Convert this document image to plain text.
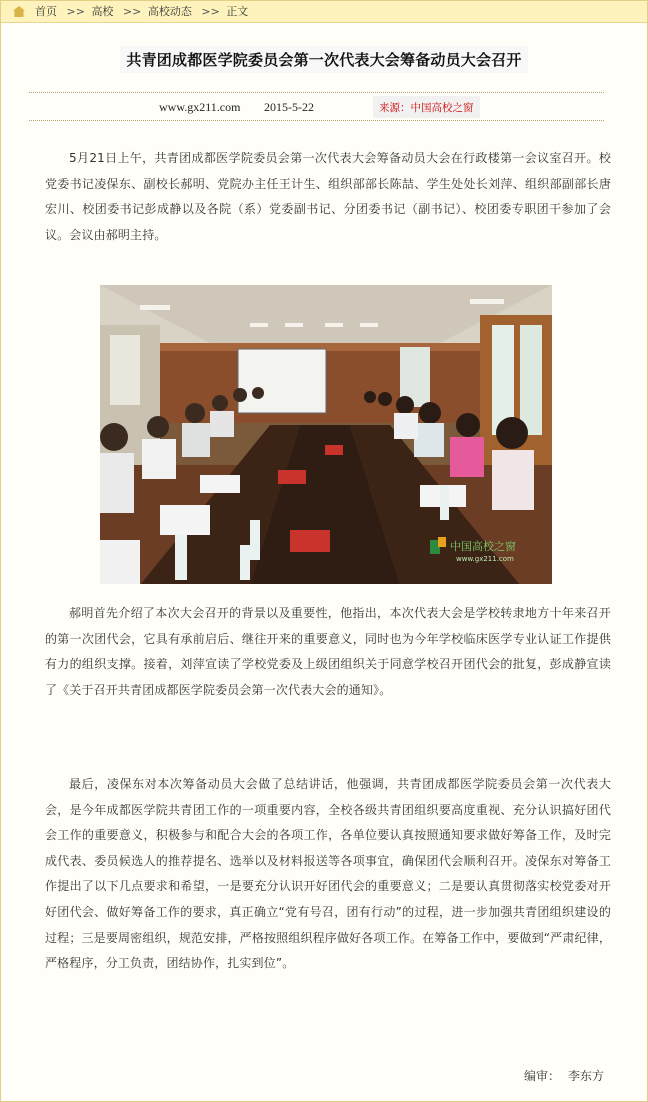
首页 >> 高校 >> 高校动态 >> 正文
共青团成都医学院委员会第一次代表大会筹备动员大会召开
www.gx211.com 2015-5-22	来源：中国高校之窗

5月21日上午，共青团成都医学院委员会第一次代表大会筹备动员大会在行政楼第一会议室召开。校党委书记凌保东、副校长郝明、党院办主任王计生、组织部部长陈喆、学生处处长刘萍、组织部副部长唐宏川、校团委书记彭成静以及各院（系）党委副书记、分团委书记（副书记）、校团委专职团干参加了会议。会议由郝明主持。

中国高校之窗
www.gx211.com

郝明首先介绍了本次大会召开的背景以及重要性，他指出，本次代表大会是学校转隶地方十年来召开的第一次团代会，它具有承前启后、继往开来的重要意义，同时也为今年学校临床医学专业认证工作提供有力的组织支撑。接着，刘萍宣读了学校党委及上级团组织关于同意学校召开团代会的批复，彭成静宣读了《关于召开共青团成都医学院委员会第一次代表大会的通知》。

最后，凌保东对本次筹备动员大会做了总结讲话，他强调，共青团成都医学院委员会第一次代表大会，是今年成都医学院共青团工作的一项重要内容，全校各级共青团组织要高度重视、充分认识搞好团代会工作的重要意义，积极参与和配合大会的各项工作，各单位要认真按照通知要求做好筹备工作，及时完成代表、委员候选人的推荐提名、选举以及材料报送等各项事宜，确保团代会顺利召开。凌保东对筹备工作提出了以下几点要求和希望，一是要充分认识开好团代会的重要意义；二是要认真贯彻落实校党委对开好团代会、做好筹备工作的要求，真正确立“党有号召，团有行动”的过程，进一步加强共青团组织建设的过程；三是要周密组织，规范安排，严格按照组织程序做好各项工作。在筹备工作中，要做到“严肃纪律，严格程序，分工负责，团结协作，扎实到位”。

编审： 李东方
